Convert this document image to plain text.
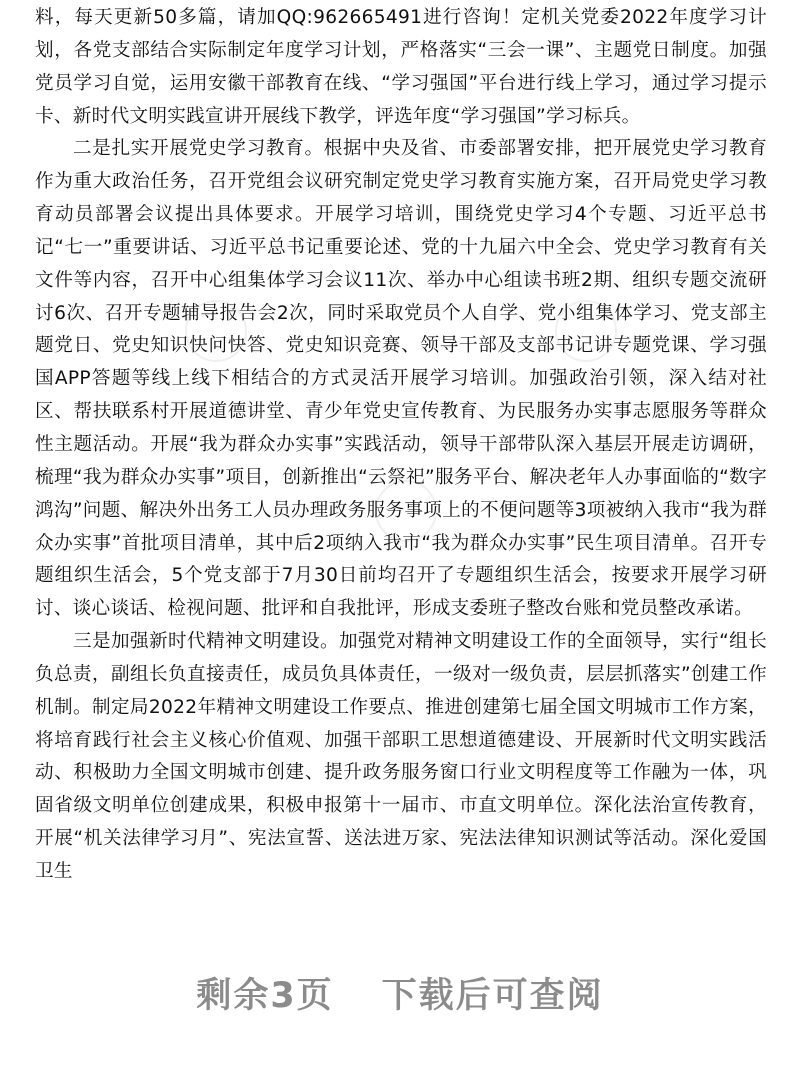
料，每天更新50多篇，请加QQ:962665491进行咨询！定机关党委2022年度学习计划，各党支部结合实际制定年度学习计划，严格落实“三会一课”、主题党日制度。加强党员学习自觉，运用安徽干部教育在线、“学习强国”平台进行线上学习，通过学习提示卡、新时代文明实践宣讲开展线下教学，评选年度“学习强国”学习标兵。

二是扎实开展党史学习教育。根据中央及省、市委部署安排，把开展党史学习教育作为重大政治任务，召开党组会议研究制定党史学习教育实施方案，召开局党史学习教育动员部署会议提出具体要求。开展学习培训，围绕党史学习4个专题、习近平总书记“七一”重要讲话、习近平总书记重要论述、党的十九届六中全会、党史学习教育有关文件等内容，召开中心组集体学习会议11次、举办中心组读书班2期、组织专题交流研讨6次、召开专题辅导报告会2次，同时采取党员个人自学、党小组集体学习、党支部主题党日、党史知识快问快答、党史知识竞赛、领导干部及支部书记讲专题党课、学习强国APP答题等线上线下相结合的方式灵活开展学习培训。加强政治引领，深入结对社区、帮扶联系村开展道德讲堂、青少年党史宣传教育、为民服务办实事志愿服务等群众性主题活动。开展“我为群众办实事”实践活动，领导干部带队深入基层开展走访调研，梳理“我为群众办实事”项目，创新推出“云祭祀”服务平台、解决老年人办事面临的“数字鸿沟”问题、解决外出务工人员办理政务服务事项上的不便问题等3项被纳入我市“我为群众办实事”首批项目清单，其中后2项纳入我市“我为群众办实事”民生项目清单。召开专题组织生活会，5个党支部于7月30日前均召开了专题组织生活会，按要求开展学习研讨、谈心谈话、检视问题、批评和自我批评，形成支委班子整改台账和党员整改承诺。

三是加强新时代精神文明建设。加强党对精神文明建设工作的全面领导，实行“组长负总责，副组长负直接责任，成员负具体责任，一级对一级负责，层层抓落实”创建工作机制。制定局2022年精神文明建设工作要点、推进创建第七届全国文明城市工作方案，将培育践行社会主义核心价值观、加强干部职工思想道德建设、开展新时代文明实践活动、积极助力全国文明城市创建、提升政务服务窗口行业文明程度等工作融为一体，巩固省级文明单位创建成果，积极申报第十一届市、市直文明单位。深化法治宣传教育，开展“机关法律学习月”、宪法宣誓、送法进万家、宪法法律知识测试等活动。深化爱国卫生

剩余3页 下载后可查阅
